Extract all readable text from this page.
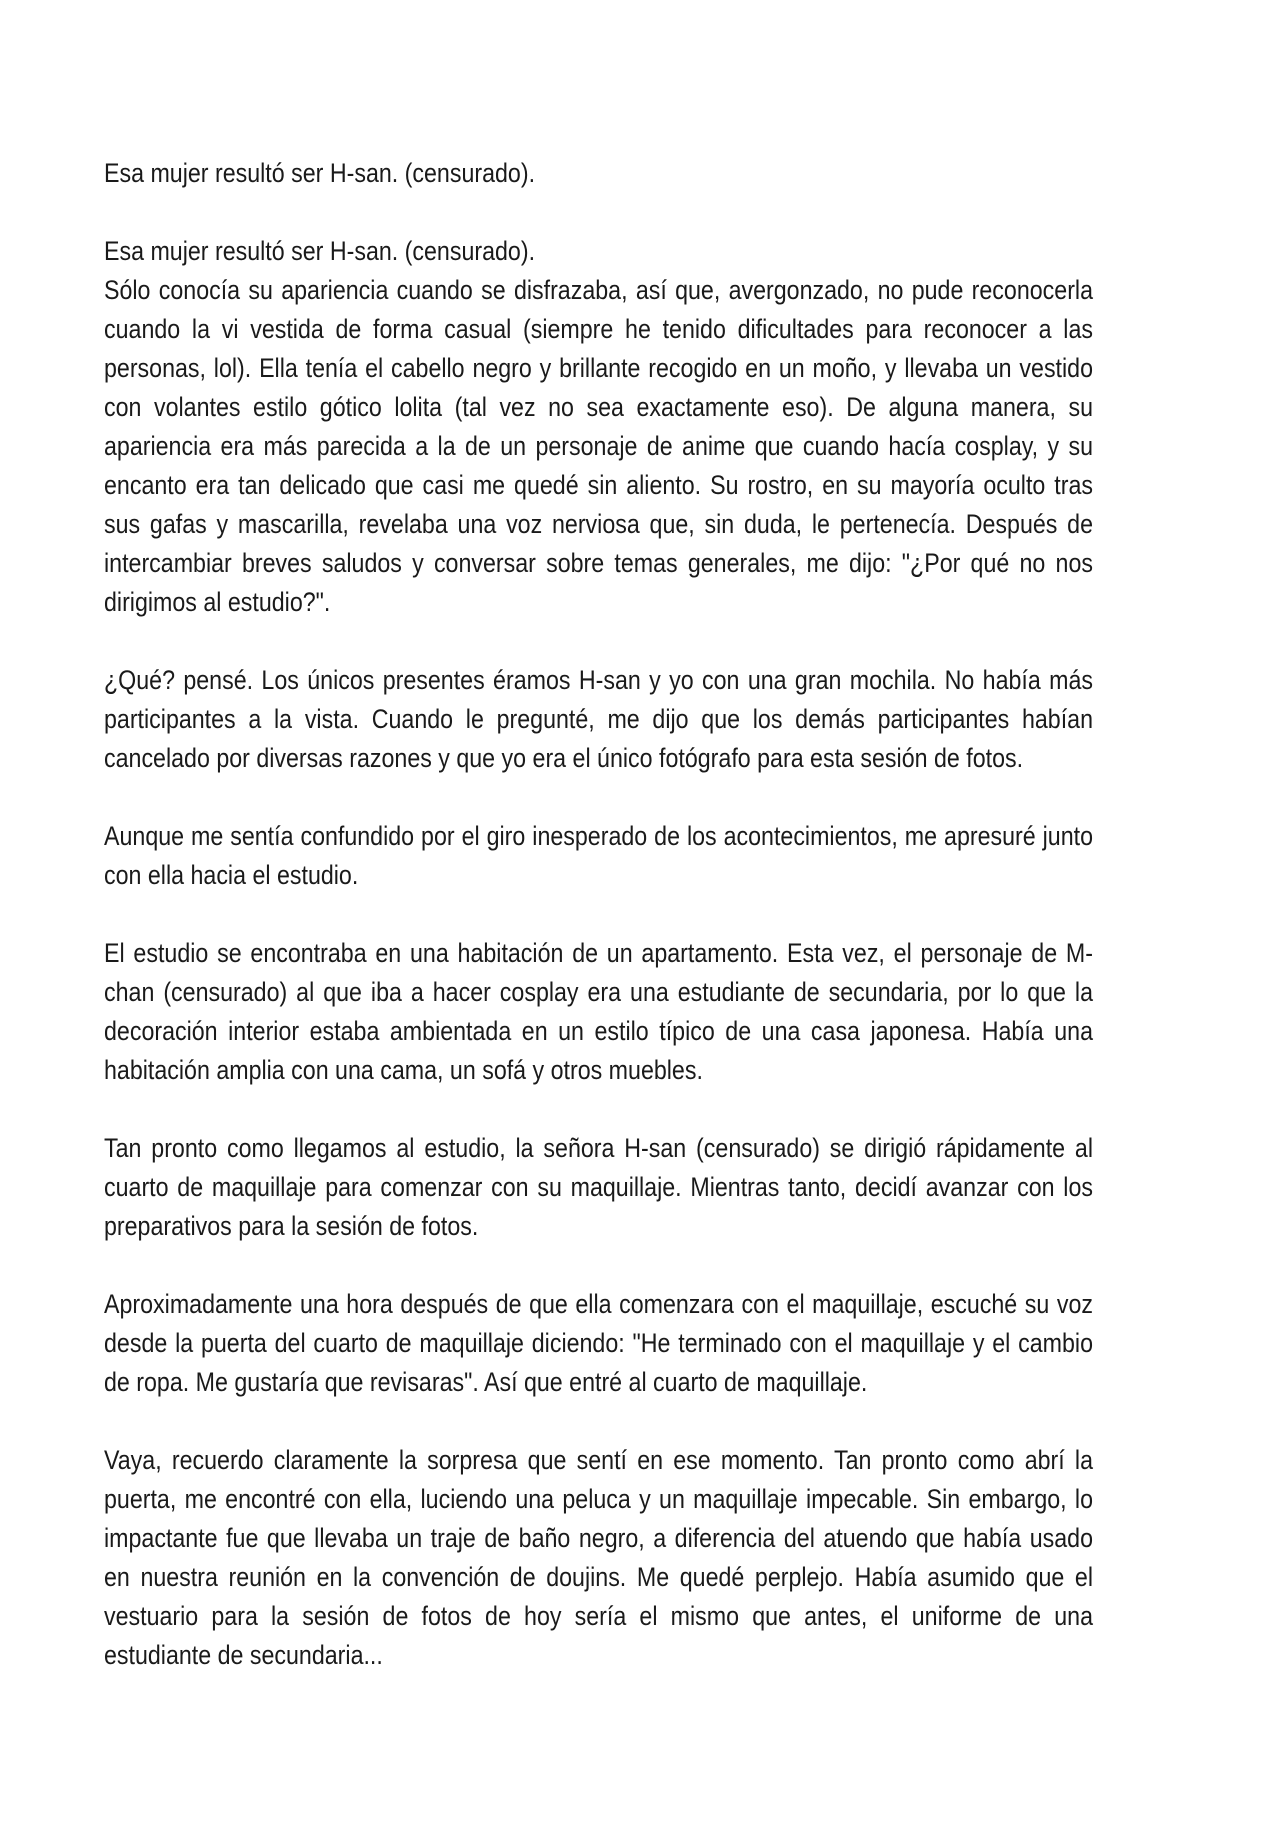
Esa mujer resultó ser H-san. (censurado).

Esa mujer resultó ser H-san. (censurado).

Sólo conocía su apariencia cuando se disfrazaba, así que, avergonzado, no pude reconocerla cuando la vi vestida de forma casual (siempre he tenido dificultades para reconocer a las personas, lol). Ella tenía el cabello negro y brillante recogido en un moño, y llevaba un vestido con volantes estilo gótico lolita (tal vez no sea exactamente eso). De alguna manera, su apariencia era más parecida a la de un personaje de anime que cuando hacía cosplay, y su encanto era tan delicado que casi me quedé sin aliento. Su rostro, en su mayoría oculto tras sus gafas y mascarilla, revelaba una voz nerviosa que, sin duda, le pertenecía. Después de intercambiar breves saludos y conversar sobre temas generales, me dijo: "¿Por qué no nos dirigimos al estudio?".

¿Qué? pensé. Los únicos presentes éramos H-san y yo con una gran mochila. No había más participantes a la vista. Cuando le pregunté, me dijo que los demás participantes habían cancelado por diversas razones y que yo era el único fotógrafo para esta sesión de fotos.

Aunque me sentía confundido por el giro inesperado de los acontecimientos, me apresuré junto con ella hacia el estudio.

El estudio se encontraba en una habitación de un apartamento. Esta vez, el personaje de M-chan (censurado) al que iba a hacer cosplay era una estudiante de secundaria, por lo que la decoración interior estaba ambientada en un estilo típico de una casa japonesa. Había una habitación amplia con una cama, un sofá y otros muebles.

Tan pronto como llegamos al estudio, la señora H-san (censurado) se dirigió rápidamente al cuarto de maquillaje para comenzar con su maquillaje. Mientras tanto, decidí avanzar con los preparativos para la sesión de fotos.

Aproximadamente una hora después de que ella comenzara con el maquillaje, escuché su voz desde la puerta del cuarto de maquillaje diciendo: "He terminado con el maquillaje y el cambio de ropa. Me gustaría que revisaras". Así que entré al cuarto de maquillaje.

Vaya, recuerdo claramente la sorpresa que sentí en ese momento. Tan pronto como abrí la puerta, me encontré con ella, luciendo una peluca y un maquillaje impecable. Sin embargo, lo impactante fue que llevaba un traje de baño negro, a diferencia del atuendo que había usado en nuestra reunión en la convención de doujins. Me quedé perplejo. Había asumido que el vestuario para la sesión de fotos de hoy sería el mismo que antes, el uniforme de una estudiante de secundaria...
